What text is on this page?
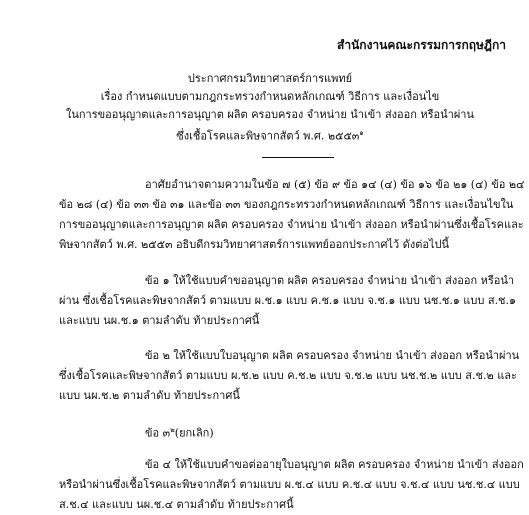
สำนักงานคณะกรรมการกฤษฎีกา
ประกาศกรมวิทยาศาสตร์การแพทย์
เรื่อง กำหนดแบบตามกฎกระทรวงกำหนดหลักเกณฑ์ วิธีการ และเงื่อนไข
ในการขออนุญาตและการอนุญาต ผลิต ครอบครอง จำหน่าย นำเข้า ส่งออก หรือนำผ่าน
ซึ่งเชื้อโรคและพิษจากสัตว์ พ.ศ. ๒๕๕๓$^๑$
อาศัยอำนาจตามความในข้อ ๗ (๕) ข้อ ๙ ข้อ ๑๔ (๔) ข้อ ๑๖ ข้อ ๒๑ (๔) ข้อ ๒๔
ข้อ ๒๘ (๔) ข้อ ๓๓ ข้อ ๓๑ และข้อ ๓๓ ของกฎกระทรวงกำหนดหลักเกณฑ์ วิธีการ และเงื่อนไขใน
การขออนุญาตและการอนุญาต ผลิต ครอบครอง จำหน่าย นำเข้า ส่งออก หรือนำผ่านซึ่งเชื้อโรคและ
พิษจากสัตว์ พ.ศ. ๒๕๕๓ อธิบดีกรมวิทยาศาสตร์การแพทย์ออกประกาศไว้ ดังต่อไปนี้
ข้อ ๑ ให้ใช้แบบคำขออนุญาต ผลิต ครอบครอง จำหน่าย นำเข้า ส่งออก หรือนำ
ผ่าน ซึ่งเชื้อโรคและพิษจากสัตว์ ตามแบบ ผ.ช.๑ แบบ ค.ช.๑ แบบ จ.ช.๑ แบบ นช.ช.๑ แบบ ส.ช.๑
และแบบ นผ.ช.๑ ตามลำดับ ท้ายประกาศนี้
ข้อ ๒ ให้ใช้แบบใบอนุญาต ผลิต ครอบครอง จำหน่าย นำเข้า ส่งออก หรือนำผ่าน
ซึ่งเชื้อโรคและพิษจากสัตว์ ตามแบบ ผ.ช.๒ แบบ ค.ช.๒ แบบ จ.ช.๒ แบบ นช.ช.๒ แบบ ส.ช.๒ และ
แบบ นผ.ช.๒ ตามลำดับ ท้ายประกาศนี้
ข้อ ๓$^๒$(ยกเลิก)
ข้อ ๔ ให้ใช้แบบคำขอต่ออายุใบอนุญาต ผลิต ครอบครอง จำหน่าย นำเข้า ส่งออก
หรือนำผ่านซึ่งเชื้อโรคและพิษจากสัตว์ ตามแบบ ผ.ช.๔ แบบ ค.ช.๔ แบบ จ.ช.๔ แบบ นช.ช.๔ แบบ
ส.ช.๔ และแบบ นผ.ช.๔ ตามลำดับ ท้ายประกาศนี้
